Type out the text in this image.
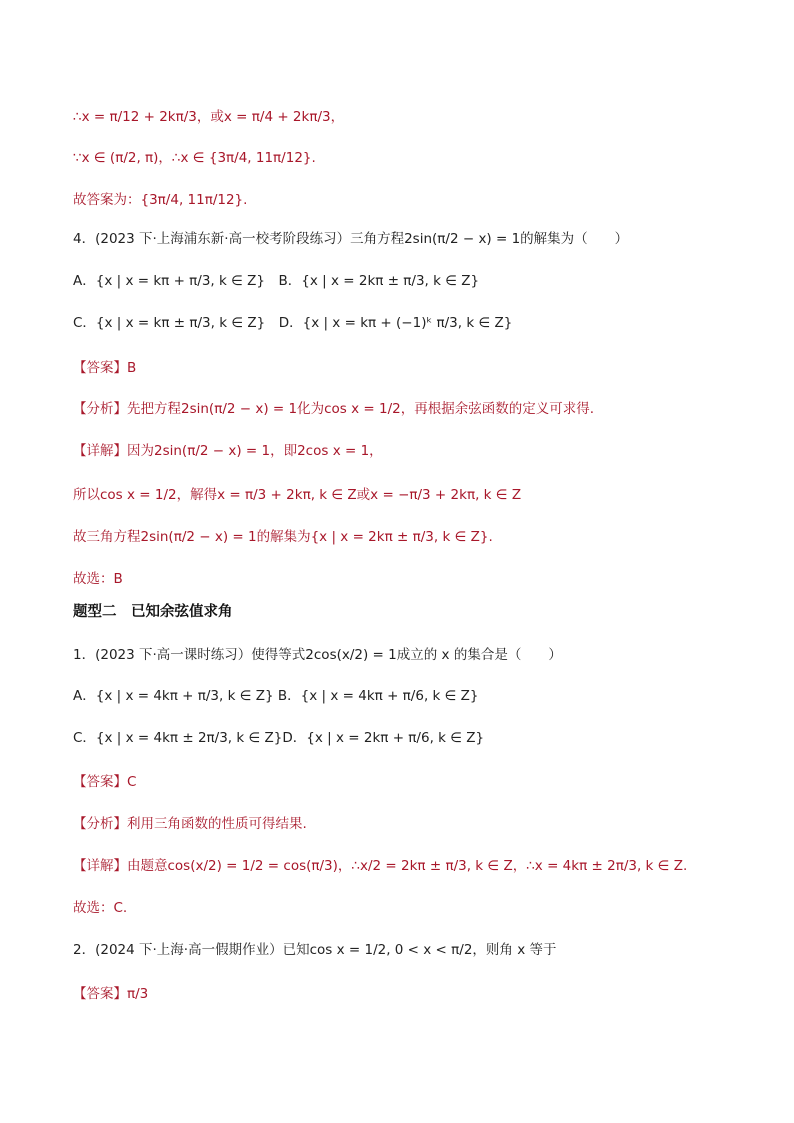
∴x = π/12 + 2kπ/3，或x = π/4 + 2kπ/3，
∵x ∈ (π/2, π)，∴x ∈ {3π/4, 11π/12}.
故答案为：{3π/4, 11π/12}.
4．(2023 下·上海浦东新·高一校考阶段练习）三角方程2sin(π/2 − x) = 1的解集为（　　）
A．{x | x = kπ + π/3, k ∈ Z}　B．{x | x = 2kπ ± π/3, k ∈ Z}
C．{x | x = kπ ± π/3, k ∈ Z}　D．{x | x = kπ + (−1)ᵏ π/3, k ∈ Z}
【答案】B
【分析】先把方程2sin(π/2 − x) = 1化为cos x = 1/2，再根据余弦函数的定义可求得.
【详解】因为2sin(π/2 − x) = 1，即2cos x = 1，
所以cos x = 1/2，解得x = π/3 + 2kπ, k ∈ Z或x = −π/3 + 2kπ, k ∈ Z
故三角方程2sin(π/2 − x) = 1的解集为{x | x = 2kπ ± π/3, k ∈ Z}.
故选：B
题型二　已知余弦值求角
1．(2023 下·高一课时练习）使得等式2cos(x/2) = 1成立的 x 的集合是（　　）
A．{x | x = 4kπ + π/3, k ∈ Z} B．{x | x = 4kπ + π/6, k ∈ Z}
C．{x | x = 4kπ ± 2π/3, k ∈ Z}D．{x | x = 2kπ + π/6, k ∈ Z}
【答案】C
【分析】利用三角函数的性质可得结果.
【详解】由题意cos(x/2) = 1/2 = cos(π/3)，∴x/2 = 2kπ ± π/3, k ∈ Z，∴x = 4kπ ± 2π/3, k ∈ Z.
故选：C.
2．(2024 下·上海·高一假期作业）已知cos x = 1/2, 0 < x < π/2，则角 x 等于
【答案】π/3
